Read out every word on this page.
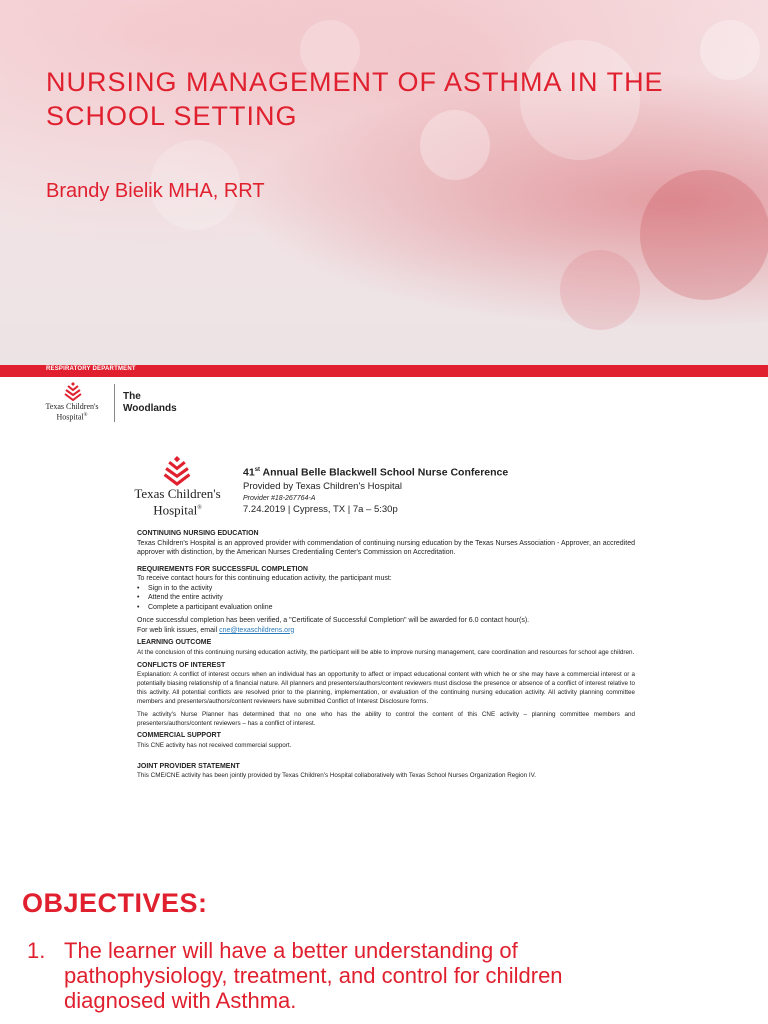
NURSING MANAGEMENT OF ASTHMA IN THE SCHOOL SETTING
Brandy Bielik MHA, RRT
RESPIRATORY DEPARTMENT
Texas Children's
Hospital®
The
Woodlands
Texas Children's
Hospital®
41st Annual Belle Blackwell School Nurse Conference
Provided by Texas Children's Hospital
Provider #18-267764-A
7.24.2019 | Cypress, TX | 7a – 5:30p
CONTINUING NURSING EDUCATION
Texas Children's Hospital is an approved provider with commendation of continuing nursing education by the Texas Nurses Association - Approver, an accredited approver with distinction, by the American Nurses Credentialing Center's Commission on Accreditation.
REQUIREMENTS FOR SUCCESSFUL COMPLETION
To receive contact hours for this continuing education activity, the participant must:
•	Sign in to the activity
•	Attend the entire activity
•	Complete a participant evaluation online
Once successful completion has been verified, a "Certificate of Successful Completion" will be awarded for 6.0 contact hour(s).
For web link issues, email cne@texaschildrens.org
LEARNING OUTCOME
At the conclusion of this continuing nursing education activity, the participant will be able to improve nursing management, care coordination and resources for school age children.
CONFLICTS OF INTEREST
Explanation: A conflict of interest occurs when an individual has an opportunity to affect or impact educational content with which he or she may have a commercial interest or a potentially biasing relationship of a financial nature. All planners and presenters/authors/content reviewers must disclose the presence or absence of a conflict of interest relative to this activity. All potential conflicts are resolved prior to the planning, implementation, or evaluation of the continuing nursing education activity. All activity planning committee members and presenters/authors/content reviewers have submitted Conflict of Interest Disclosure forms.
The activity's Nurse Planner has determined that no one who has the ability to control the content of this CNE activity – planning committee members and presenters/authors/content reviewers – has a conflict of interest.
COMMERCIAL SUPPORT
This CNE activity has not received commercial support.
JOINT PROVIDER STATEMENT
This CME/CNE activity has been jointly provided by Texas Children's Hospital collaboratively with Texas School Nurses Organization Region IV.
OBJECTIVES:
1. The learner will have a better understanding of pathophysiology, treatment, and control for children diagnosed with Asthma.
